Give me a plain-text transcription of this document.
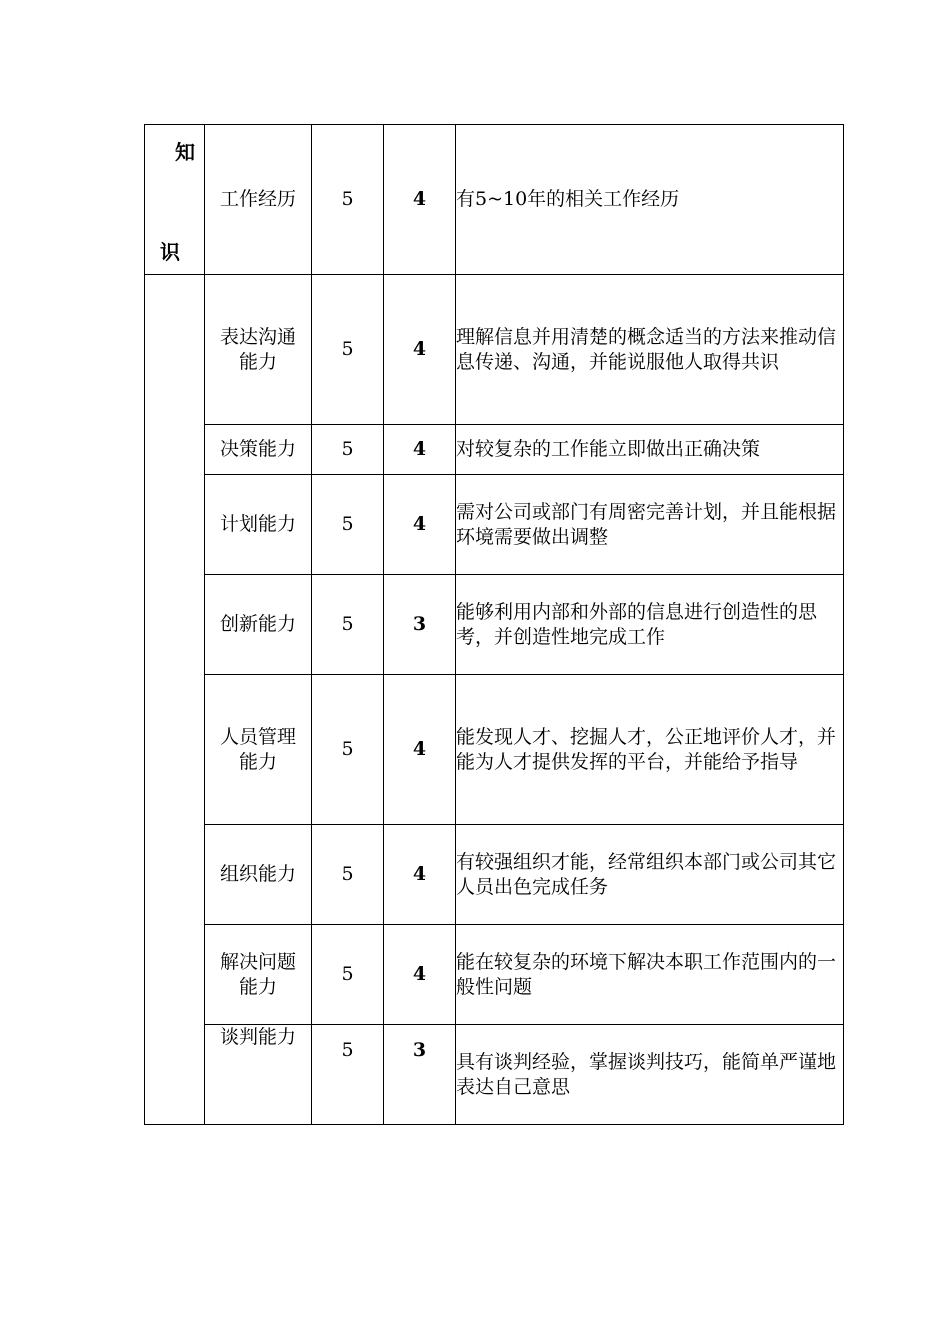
知
识	工作经历	5	4	有5~10年的相关工作经历
	表达沟通能力	5	4	理解信息并用清楚的概念适当的方法来推动信息传递、沟通，并能说服他人取得共识
	决策能力	5	4	对较复杂的工作能立即做出正确决策
	计划能力	5	4	需对公司或部门有周密完善计划，并且能根据环境需要做出调整
	创新能力	5	3	能够利用内部和外部的信息进行创造性的思考，并创造性地完成工作
	人员管理能力	5	4	能发现人才、挖掘人才，公正地评价人才，并能为人才提供发挥的平台，并能给予指导
	组织能力	5	4	有较强组织才能，经常组织本部门或公司其它人员出色完成任务
	解决问题能力	5	4	能在较复杂的环境下解决本职工作范围内的一般性问题
	谈判能力	5	3	具有谈判经验，掌握谈判技巧，能简单严谨地表达自己意思
